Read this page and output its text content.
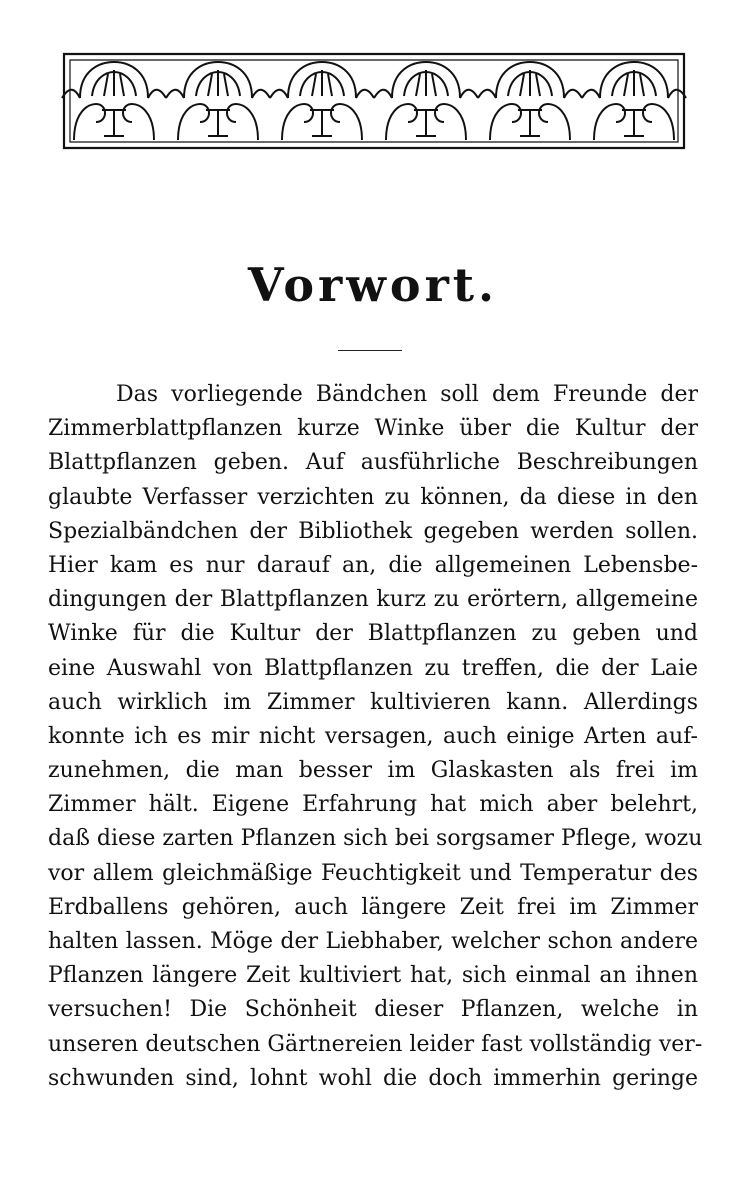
Vorwort.
Das vorliegende Bändchen soll dem Freunde der
Zimmerblattpflanzen kurze Winke über die Kultur der
Blattpflanzen geben. Auf ausführliche Beschreibungen
glaubte Verfasser verzichten zu können, da diese in den
Spezialbändchen der Bibliothek gegeben werden sollen.
Hier kam es nur darauf an, die allgemeinen Lebensbe-
dingungen der Blattpflanzen kurz zu erörtern, allgemeine
Winke für die Kultur der Blattpflanzen zu geben und
eine Auswahl von Blattpflanzen zu treffen, die der Laie
auch wirklich im Zimmer kultivieren kann. Allerdings
konnte ich es mir nicht versagen, auch einige Arten auf-
zunehmen, die man besser im Glaskasten als frei im
Zimmer hält. Eigene Erfahrung hat mich aber belehrt,
daß diese zarten Pflanzen sich bei sorgsamer Pflege, wozu
vor allem gleichmäßige Feuchtigkeit und Temperatur des
Erdballens gehören, auch längere Zeit frei im Zimmer
halten lassen. Möge der Liebhaber, welcher schon andere
Pflanzen längere Zeit kultiviert hat, sich einmal an ihnen
versuchen! Die Schönheit dieser Pflanzen, welche in
unseren deutschen Gärtnereien leider fast vollständig ver-
schwunden sind, lohnt wohl die doch immerhin geringe
